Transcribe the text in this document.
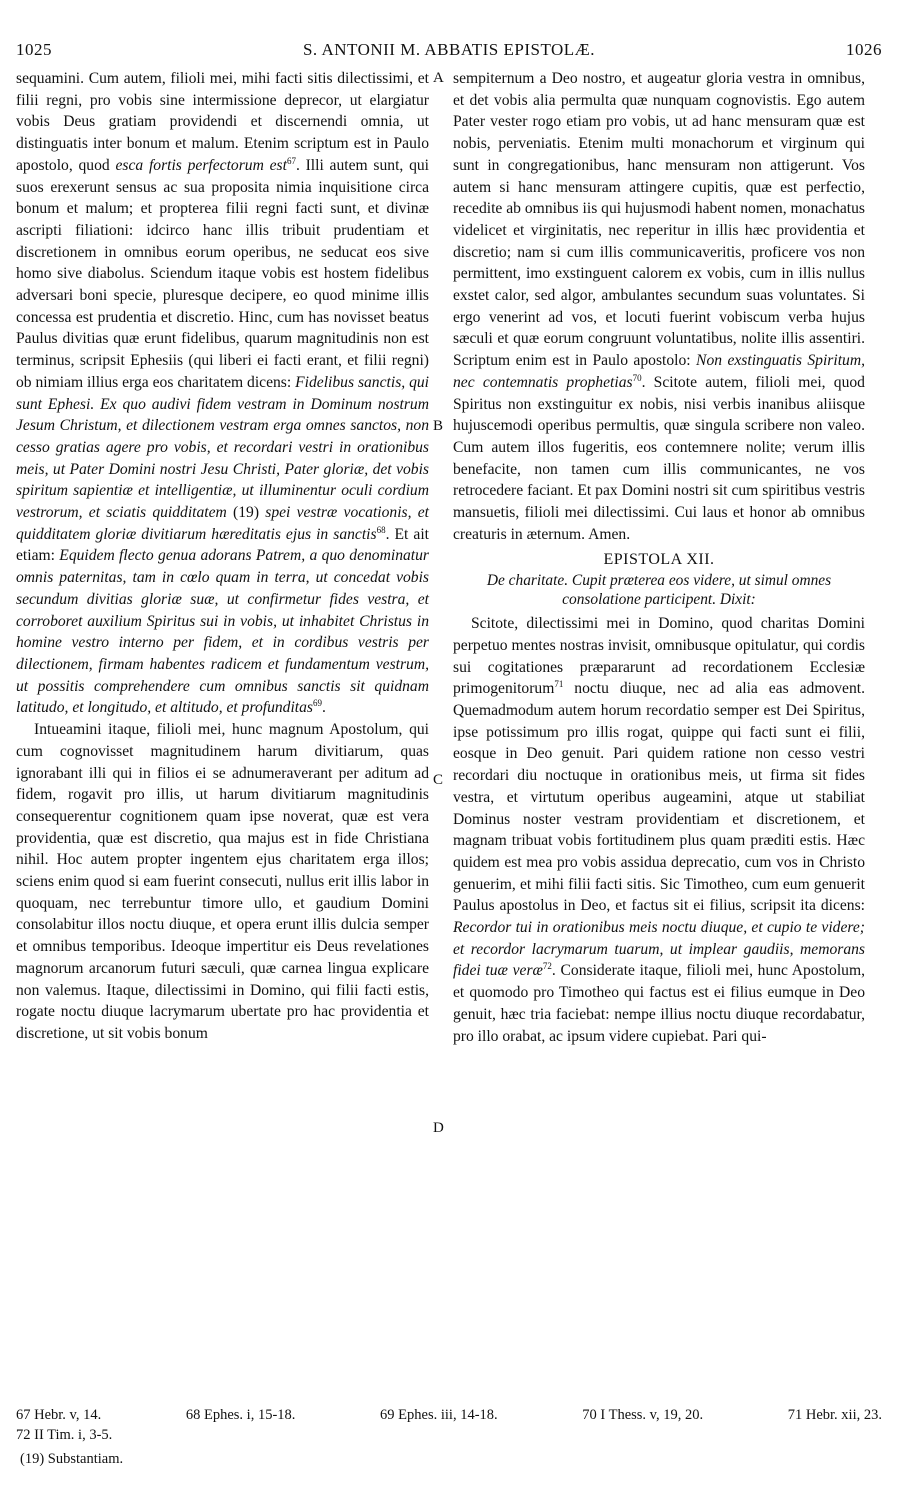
1025	S. ANTONII M. ABBATIS EPISTOLÆ.	1026
A
B
C
D

sequamini. Cum autem, filioli mei, mihi facti sitis dilectissimi, et filii regni, pro vobis sine intermissione deprecor, ut elargiatur vobis Deus gratiam providendi et discernendi omnia, ut distinguatis inter bonum et malum. Etenim scriptum est in Paulo apostolo, quod esca fortis perfectorum est$^{67}$. Illi autem sunt, qui suos erexerunt sensus ac sua proposita nimia inquisitione circa bonum et malum; et propterea filii regni facti sunt, et divinæ ascripti filiationi: idcirco hanc illis tribuit prudentiam et discretionem in omnibus eorum operibus, ne seducat eos sive homo sive diabolus. Sciendum itaque vobis est hostem fidelibus adversari boni specie, pluresque decipere, eo quod minime illis concessa est prudentia et discretio. Hinc, cum has novisset beatus Paulus divitias quæ erunt fidelibus, quarum magnitudinis non est terminus, scripsit Ephesiis (qui liberi ei facti erant, et filii regni) ob nimiam illius erga eos charitatem dicens: Fidelibus sanctis, qui sunt Ephesi. Ex quo audivi fidem vestram in Dominum nostrum Jesum Christum, et dilectionem vestram erga omnes sanctos, non cesso gratias agere pro vobis, et recordari vestri in orationibus meis, ut Pater Domini nostri Jesu Christi, Pater gloriæ, det vobis spiritum sapientiæ et intelligentiæ, ut illuminentur oculi cordium vestrorum, et sciatis quidditatem (19) spei vestræ vocationis, et quidditatem gloriæ divitiarum hæreditatis ejus in sanctis$^{68}$. Et ait etiam: Equidem flecto genua adorans Patrem, a quo denominatur omnis paternitas, tam in cœlo quam in terra, ut concedat vobis secundum divitias gloriæ suæ, ut confirmetur fides vestra, et corroboret auxilium Spiritus sui in vobis, ut inhabitet Christus in homine vestro interno per fidem, et in cordibus vestris per dilectionem, firmam habentes radicem et fundamentum vestrum, ut possitis comprehendere cum omnibus sanctis sit quidnam latitudo, et longitudo, et altitudo, et profunditas$^{69}$.

Intueamini itaque, filioli mei, hunc magnum Apostolum, qui cum cognovisset magnitudinem harum divitiarum, quas ignorabant illi qui in filios ei se adnumeraverant per aditum ad fidem, rogavit pro illis, ut harum divitiarum magnitudinis consequerentur cognitionem quam ipse noverat, quæ est vera providentia, quæ est discretio, qua majus est in fide Christiana nihil. Hoc autem propter ingentem ejus charitatem erga illos; sciens enim quod si eam fuerint consecuti, nullus erit illis labor in quoquam, nec terrebuntur timore ullo, et gaudium Domini consolabitur illos noctu diuque, et opera erunt illis dulcia semper et omnibus temporibus. Ideoque impertitur eis Deus revelationes magnorum arcanorum futuri sæculi, quæ carnea lingua explicare non valemus. Itaque, dilectissimi in Domino, qui filii facti estis, rogate noctu diuque lacrymarum ubertate pro hac providentia et discretione, ut sit vobis bonum

sempiternum a Deo nostro, et augeatur gloria vestra in omnibus, et det vobis alia permulta quæ nunquam cognovistis. Ego autem Pater vester rogo etiam pro vobis, ut ad hanc mensuram quæ est nobis, perveniatis. Etenim multi monachorum et virginum qui sunt in congregationibus, hanc mensuram non attigerunt. Vos autem si hanc mensuram attingere cupitis, quæ est perfectio, recedite ab omnibus iis qui hujusmodi habent nomen, monachatus videlicet et virginitatis, nec reperitur in illis hæc providentia et discretio; nam si cum illis communicaveritis, proficere vos non permittent, imo exstinguent calorem ex vobis, cum in illis nullus exstet calor, sed algor, ambulantes secundum suas voluntates. Si ergo venerint ad vos, et locuti fuerint vobiscum verba hujus sæculi et quæ eorum congruunt voluntatibus, nolite illis assentiri. Scriptum enim est in Paulo apostolo: Non exstinguatis Spiritum, nec contemnatis prophetias$^{70}$. Scitote autem, filioli mei, quod Spiritus non exstinguitur ex nobis, nisi verbis inanibus aliisque hujuscemodi operibus permultis, quæ singula scribere non valeo. Cum autem illos fugeritis, eos contemnere nolite; verum illis benefacite, non tamen cum illis communicantes, ne vos retrocedere faciant. Et pax Domini nostri sit cum spiritibus vestris mansuetis, filioli mei dilectissimi. Cui laus et honor ab omnibus creaturis in æternum. Amen.

EPISTOLA XII.
De charitate. Cupit præterea eos videre, ut simul omnes consolatione participent. Dixit:

Scitote, dilectissimi mei in Domino, quod charitas Domini perpetuo mentes nostras invisit, omnibusque opitulatur, qui cordis sui cogitationes præpararunt ad recordationem Ecclesiæ primogenitorum$^{71}$ noctu diuque, nec ad alia eas admovent. Quemadmodum autem horum recordatio semper est Dei Spiritus, ipse potissimum pro illis rogat, quippe qui facti sunt ei filii, eosque in Deo genuit. Pari quidem ratione non cesso vestri recordari diu noctuque in orationibus meis, ut firma sit fides vestra, et virtutum operibus augeamini, atque ut stabiliat Dominus noster vestram providentiam et discretionem, et magnam tribuat vobis fortitudinem plus quam præditi estis. Hæc quidem est mea pro vobis assidua deprecatio, cum vos in Christo genuerim, et mihi filii facti sitis. Sic Timotheo, cum eum genuerit Paulus apostolus in Deo, et factus sit ei filius, scripsit ita dicens: Recordor tui in orationibus meis noctu diuque, et cupio te videre; et recordor lacrymarum tuarum, ut implear gaudiis, memorans fidei tuæ veræ$^{72}$. Considerate itaque, filioli mei, hunc Apostolum, et quomodo pro Timotheo qui factus est ei filius eumque in Deo genuit, hæc tria faciebat: nempe illius noctu diuque recordabatur, pro illo orabat, ac ipsum videre cupiebat. Pari qui-

67 Hebr. v, 14.	68 Ephes. i, 15-18.	69 Ephes. iii, 14-18.	70 I Thess. v, 19, 20.	71 Hebr. xii, 23.
72 II Tim. i, 3-5.
(19) Substantiam.
